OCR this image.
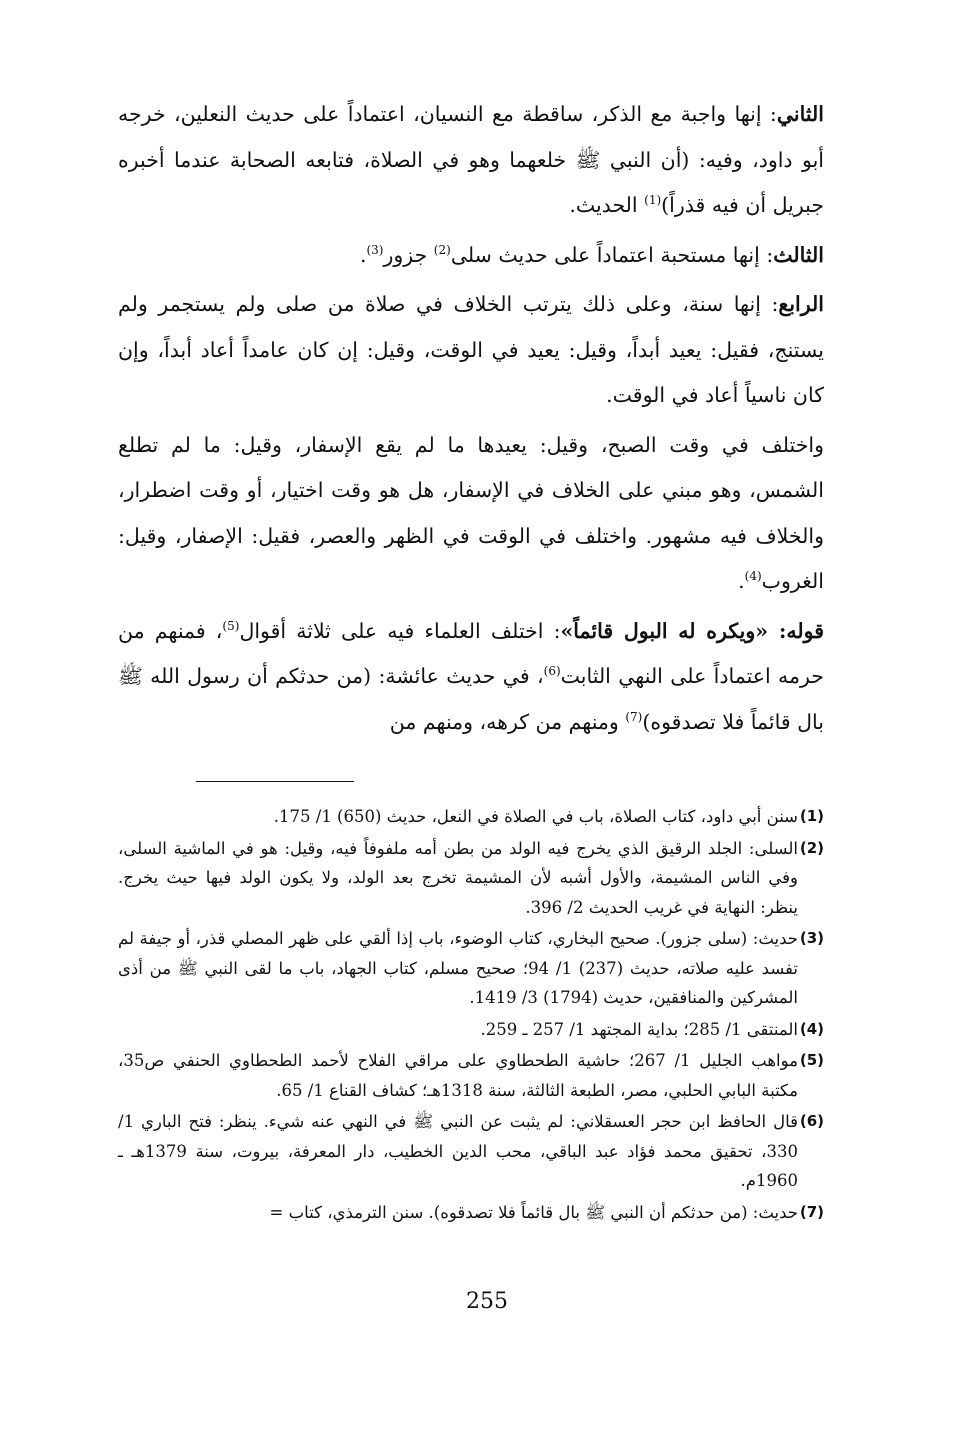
الثاني: إنها واجبة مع الذكر، ساقطة مع النسيان، اعتماداً على حديث النعلين، خرجه أبو داود، وفيه: (أن النبي ﷺ خلعهما وهو في الصلاة، فتابعه الصحابة عندما أخبره جبريل أن فيه قذراً)$^{(1)}$ الحديث.

الثالث: إنها مستحبة اعتماداً على حديث سلى$^{(2)}$ جزور$^{(3)}$.

الرابع: إنها سنة، وعلى ذلك يترتب الخلاف في صلاة من صلى ولم يستجمر ولم يستنج، فقيل: يعيد أبداً، وقيل: يعيد في الوقت، وقيل: إن كان عامداً أعاد أبداً، وإن كان ناسياً أعاد في الوقت.

واختلف في وقت الصبح، وقيل: يعيدها ما لم يقع الإسفار، وقيل: ما لم تطلع الشمس، وهو مبني على الخلاف في الإسفار، هل هو وقت اختيار، أو وقت اضطرار، والخلاف فيه مشهور. واختلف في الوقت في الظهر والعصر، فقيل: الإصفار، وقيل: الغروب$^{(4)}$.

قوله: «ويكره له البول قائماً»: اختلف العلماء فيه على ثلاثة أقوال$^{(5)}$، فمنهم من حرمه اعتماداً على النهي الثابت$^{(6)}$، في حديث عائشة: (من حدثكم أن رسول الله ﷺ بال قائماً فلا تصدقوه)$^{(7)}$ ومنهم من كرهه، ومنهم من

(1)
سنن أبي داود، كتاب الصلاة، باب في الصلاة في النعل، حديث (650) 1/ 175.
(2)
السلى: الجلد الرقيق الذي يخرج فيه الولد من بطن أمه ملفوفاً فيه، وقيل: هو في الماشية السلى، وفي الناس المشيمة، والأول أشبه لأن المشيمة تخرج بعد الولد، ولا يكون الولد فيها حيث يخرج. ينظر: النهاية في غريب الحديث 2/ 396.
(3)
حديث: (سلى جزور). صحيح البخاري، كتاب الوضوء، باب إذا ألقي على ظهر المصلي قذر، أو جيفة لم تفسد عليه صلاته، حديث (237) 1/ 94؛ صحيح مسلم، كتاب الجهاد، باب ما لقى النبي ﷺ من أذى المشركين والمنافقين، حديث (1794) 3/ 1419.
(4)
المنتقى 1/ 285؛ بداية المجتهد 1/ 257 ـ 259.
(5)
مواهب الجليل 1/ 267؛ حاشية الطحطاوي على مراقي الفلاح لأحمد الطحطاوي الحنفي ص35، مكتبة البابي الحلبي، مصر، الطبعة الثالثة، سنة 1318هـ؛ كشاف القناع 1/ 65.
(6)
قال الحافظ ابن حجر العسقلاني: لم يثبت عن النبي ﷺ في النهي عنه شيء. ينظر: فتح الباري 1/ 330، تحقيق محمد فؤاد عبد الباقي، محب الدين الخطيب، دار المعرفة، بيروت، سنة 1379هـ ـ 1960م.
(7)
حديث: (من حدثكم أن النبي ﷺ بال قائماً فلا تصدقوه). سنن الترمذي، كتاب =
255
